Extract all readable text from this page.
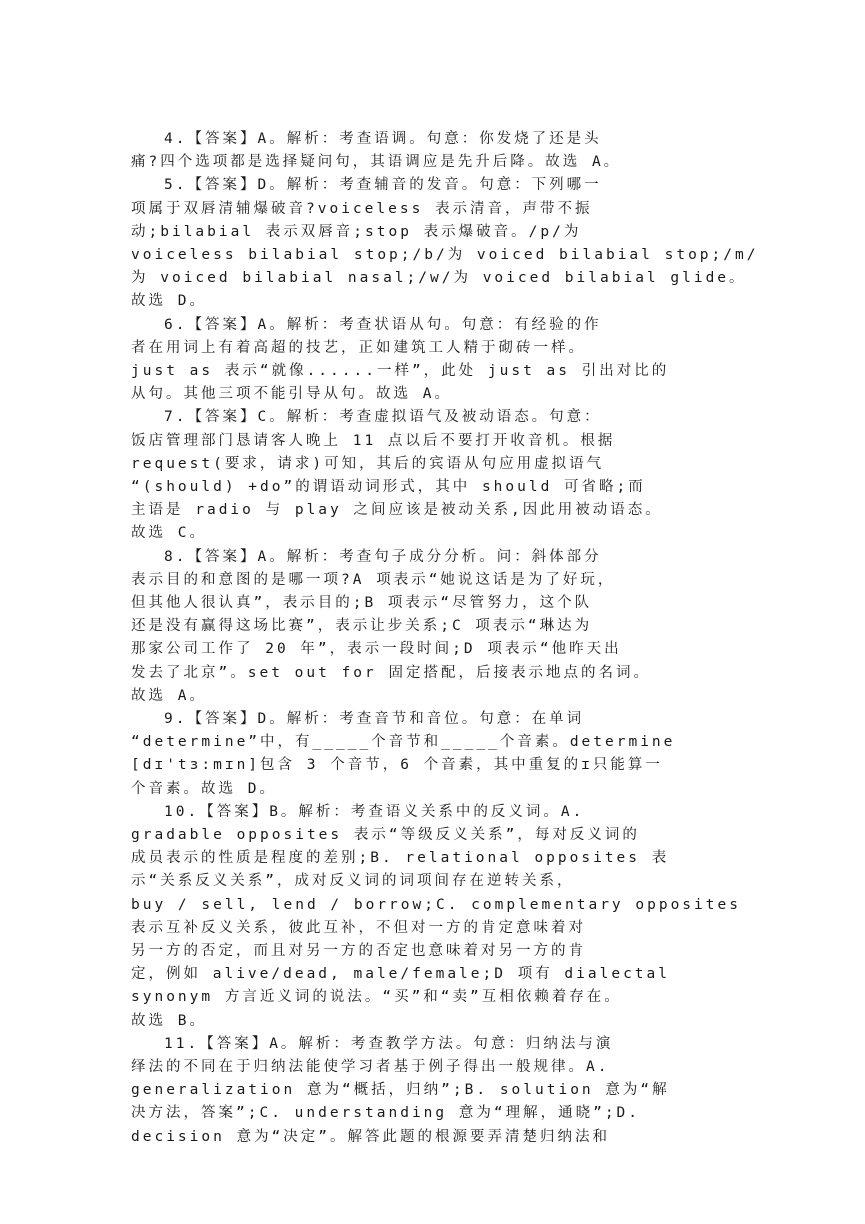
4.【答案】A。解析：考查语调。句意：你发烧了还是头
痛?四个选项都是选择疑问句，其语调应是先升后降。故选 A。
5.【答案】D。解析：考查辅音的发音。句意：下列哪一
项属于双唇清辅爆破音?voiceless 表示清音，声带不振
动;bilabial 表示双唇音;stop 表示爆破音。/p/为
voiceless bilabial stop;/b/为 voiced bilabial stop;/m/
为 voiced bilabial nasal;/w/为 voiced bilabial glide。
故选 D。
6.【答案】A。解析：考查状语从句。句意：有经验的作
者在用词上有着高超的技艺，正如建筑工人精于砌砖一样。
just as 表示“就像......一样”，此处 just as 引出对比的
从句。其他三项不能引导从句。故选 A。
7.【答案】C。解析：考查虚拟语气及被动语态。句意：
饭店管理部门恳请客人晚上 11 点以后不要打开收音机。根据
request(要求，请求)可知，其后的宾语从句应用虚拟语气
“(should) +do”的谓语动词形式，其中 should 可省略;而
主语是 radio 与 play 之间应该是被动关系,因此用被动语态。
故选 C。
8.【答案】A。解析：考查句子成分分析。问：斜体部分
表示目的和意图的是哪一项?A 项表示“她说这话是为了好玩，
但其他人很认真”，表示目的;B 项表示“尽管努力，这个队
还是没有赢得这场比赛”，表示让步关系;C 项表示“琳达为
那家公司工作了 20 年”，表示一段时间;D 项表示“他昨天出
发去了北京”。set out for 固定搭配，后接表示地点的名词。
故选 A。
9.【答案】D。解析：考查音节和音位。句意：在单词
“determine”中，有_____个音节和_____个音素。determine
[dɪ'tɜ:mɪn]包含 3 个音节，6 个音素，其中重复的ɪ只能算一
个音素。故选 D。
10.【答案】B。解析：考查语义关系中的反义词。A.
gradable opposites 表示“等级反义关系”，每对反义词的
成员表示的性质是程度的差别;B. relational opposites 表
示“关系反义关系”，成对反义词的词项间存在逆转关系，
buy / sell, lend / borrow;C. complementary opposites
表示互补反义关系，彼此互补，不但对一方的肯定意味着对
另一方的否定，而且对另一方的否定也意味着对另一方的肯
定，例如 alive/dead, male/female;D 项有 dialectal
synonym 方言近义词的说法。“买”和“卖”互相依赖着存在。
故选 B。
11.【答案】A。解析：考查教学方法。句意：归纳法与演
绎法的不同在于归纳法能使学习者基于例子得出一般规律。A.
generalization 意为“概括，归纳”;B. solution 意为“解
决方法，答案”;C. understanding 意为“理解，通晓”;D.
decision 意为“决定”。解答此题的根源要弄清楚归纳法和
